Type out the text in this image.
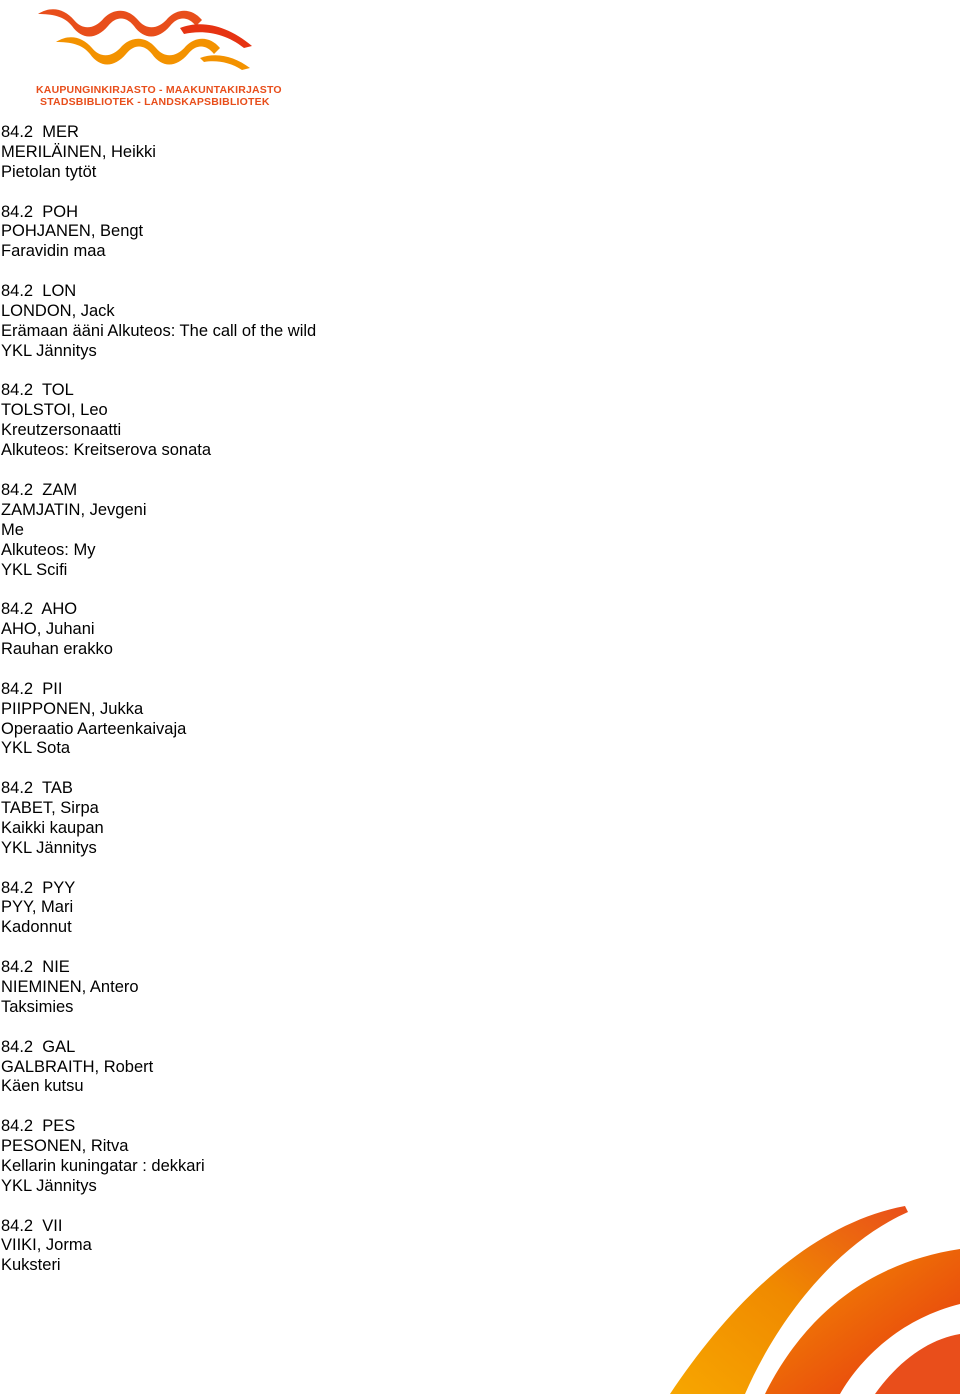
KAUPUNGINKIRJASTO - MAAKUNTAKIRJASTO
STADSBIBLIOTEK - LANDSKAPSBIBLIOTEK
84.2  MER
MERILÄINEN, Heikki
Pietolan tytöt
84.2  POH
POHJANEN, Bengt
Faravidin maa
84.2  LON
LONDON, Jack
Erämaan ääni Alkuteos: The call of the wild
YKL Jännitys
84.2  TOL
TOLSTOI, Leo
Kreutzersonaatti
Alkuteos: Kreitserova sonata
84.2  ZAM
ZAMJATIN, Jevgeni
Me
Alkuteos: My
YKL Scifi
84.2  AHO
AHO, Juhani
Rauhan erakko
84.2  PII
PIIPPONEN, Jukka
Operaatio Aarteenkaivaja
YKL Sota
84.2  TAB
TABET, Sirpa
Kaikki kaupan
YKL Jännitys
84.2  PYY
PYY, Mari
Kadonnut
84.2  NIE
NIEMINEN, Antero
Taksimies
84.2  GAL
GALBRAITH, Robert
Käen kutsu
84.2  PES
PESONEN, Ritva
Kellarin kuningatar : dekkari
YKL Jännitys
84.2  VII
VIIKI, Jorma
Kuksteri
